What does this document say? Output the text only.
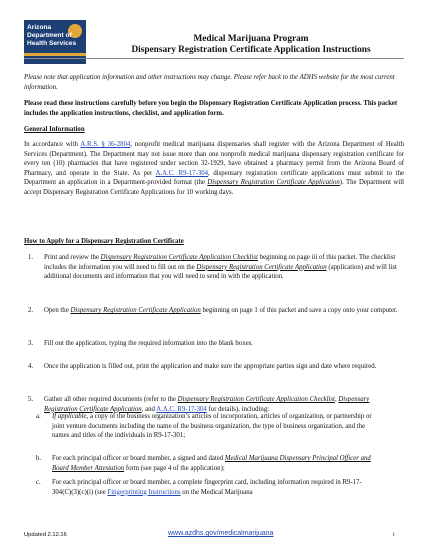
Arizona
Department of
Health Services	Medical Marijuana Program
Dispensary Registration Certificate Application Instructions
Please note that application information and other instructions may change. Please refer back to the ADHS website for the most current information.
Please read these instructions carefully before you begin the Dispensary Registration Certificate Application process. This packet includes the application instructions, checklist, and application form.
General Information
In accordance with A.R.S. § 36-2804, nonprofit medical marijuana dispensaries shall register with the Arizona Department of Health Services (Department). The Department may not issue more than one nonprofit medical marijuana dispensary registration certificate for every ten (10) pharmacies that have registered under section 32-1929, have obtained a pharmacy permit from the Arizona Board of Pharmacy, and operate in the State. As per A.A.C. R9-17-304, dispensary registration certificate applications must submit to the Department an application in a Department-provided format (the Dispensary Registration Certificate Application). The Department will accept Dispensary Registration Certificate Applications for 10 working days.
How to Apply for a Dispensary Registration Certificate
1. Print and review the Dispensary Registration Certificate Application Checklist beginning on page iii of this packet. The checklist includes the information you will need to fill out on the Dispensary Registration Certificate Application (application) and will list additional documents and information that you will need to send in with the application.
2. Open the Dispensary Registration Certificate Application beginning on page 1 of this packet and save a copy onto your computer.
3. Fill out the application, typing the required information into the blank boxes.
4. Once the application is filled out, print the application and make sure the appropriate parties sign and date where required.
5. Gather all other required documents (refer to the Dispensary Registration Certificate Application Checklist, Dispensary Registration Certificate Application, and A.A.C. R9-17-304 for details), including:
a. If applicable, a copy of the business organization’s articles of incorporation, articles of organization, or partnership or joint venture documents including the name of the business organization, the type of business organization, and the names and titles of the individuals in R9-17-301;
b. For each principal officer or board member, a signed and dated Medical Marijuana Dispensary Principal Officer and Board Member Attestation form (see page 4 of the application);
c. For each principal officer or board member, a complete fingerprint card, including information required in R9-17-304(C)(3)(c)(i) (see Fingerprinting Instructions on the Medical Marijuana
Updated 2.12.16	www.azdhs.gov/medicalmarijuana	i
